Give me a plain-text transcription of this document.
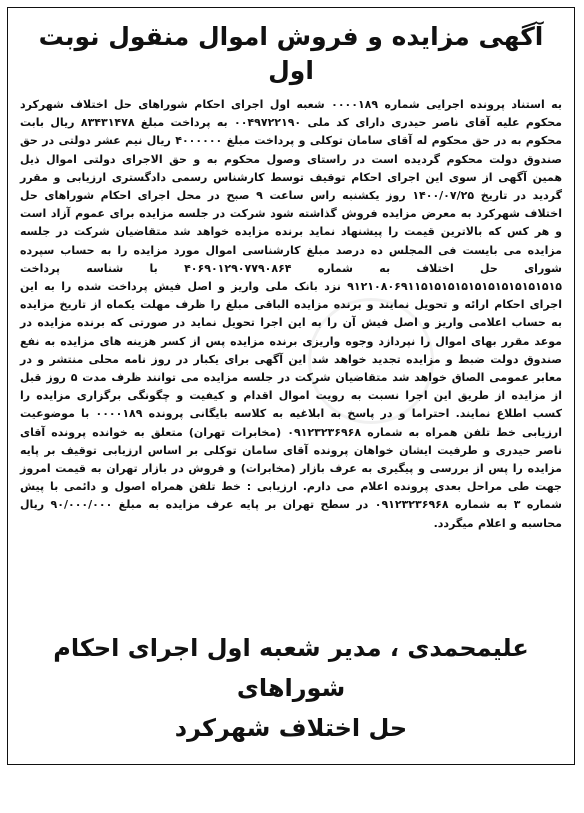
آگهی مزایده و فروش اموال منقول نوبت اول
به استناد پرونده اجرایی شماره ۰۰۰۰۱۸۹ شعبه اول اجرای احکام شوراهای حل اختلاف شهرکرد محکوم علیه آقای ناصر حیدری دارای کد ملی ۰۰۴۹۷۲۲۱۹۰ به پرداخت مبلغ ۸۳۴۳۱۴۷۸ ریال بابت محکوم به در حق محکوم له آقای سامان توکلی و پرداخت مبلغ ۴۰۰۰۰۰۰ ریال نیم عشر دولتی در حق صندوق دولت محکوم گردیده است در راستای وصول محکوم به و حق الاجرای دولتی اموال ذیل همین آگهی از سوی این اجرای احکام توقیف توسط کارشناس رسمی دادگستری ارزیابی و مقرر گردید در تاریخ ۱۴۰۰/۰۷/۲۵ روز یکشنبه راس ساعت ۹ صبح در محل اجرای احکام شوراهای حل اختلاف شهرکرد به معرض مزایده فروش گذاشته شود شرکت در جلسه مزایده برای عموم آزاد است و هر کس که بالاترین قیمت را پیشنهاد نماید برنده مزایده خواهد شد متقاضیان شرکت در جلسه مزایده می بایست فی المجلس ده درصد مبلغ کارشناسی اموال مورد مزایده را به حساب سپرده شورای حل اختلاف به شماره ۴۰۶۹۰۱۲۹۰۷۷۹۰۸۶۴ با شناسه پرداخت ۹۱۲۱۰۸۰۶۹۱۱۵۱۵۱۵۱۵۱۵۱۵۱۵۱۵۱۵۱۵۱۵ نزد بانک ملی واریز و اصل فیش پرداخت شده را به این اجرای احکام ارائه و تحویل نمایند و برنده مزایده الباقی مبلغ را ظرف مهلت یکماه از تاریخ مزایده به حساب اعلامی واریز و اصل فیش آن را به این اجرا تحویل نماید در صورتی که برنده مزایده در موعد مقرر بهای اموال را نپردازد وجوه واریزی برنده مزایده پس از کسر هزینه های مزایده به نفع صندوق دولت ضبط و مزایده تجدید خواهد شد این آگهی برای یکبار در روز نامه محلی منتشر و در معابر عمومی الصاق خواهد شد متقاضیان شرکت در جلسه مزایده می توانند ظرف مدت ۵ روز قبل از مزایده از طریق این اجرا نسبت به رویت اموال اقدام و کیفیت و چگونگی برگزاری مزایده را کسب اطلاع نمایند. احتراما و در پاسخ به ابلاغیه به کلاسه بایگانی پرونده ۰۰۰۰۱۸۹ با موضوعیت ارزیابی خط تلفن همراه به شماره ۰۹۱۲۳۲۳۶۹۶۸ (مخابرات تهران) متعلق به خوانده پرونده آقای ناصر حیدری و طرفیت ایشان خواهان پرونده آقای سامان توکلی بر اساس ارزیابی توقیف بر پایه مزایده را پس از بررسی و پیگیری به عرف بازار (مخابرات) و فروش در بازار تهران به قیمت امروز جهت طی مراحل بعدی پرونده اعلام می دارم. ارزیابی : خط تلفن همراه اصول و دائمی با پیش شماره ۳ به شماره ۰۹۱۲۳۲۳۶۹۶۸ در سطح تهران بر پایه عرف مزایده به مبلغ ۹۰/۰۰۰/۰۰۰ ریال محاسبه و اعلام میگردد.
علیمحمدی ، مدیر شعبه اول اجرای احکام شوراهای
حل اختلاف شهرکرد
